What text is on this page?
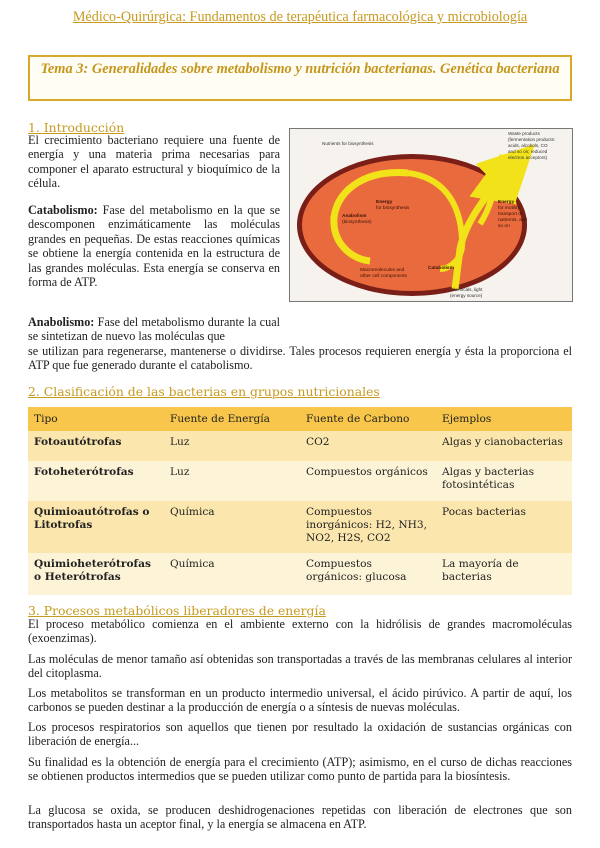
Médico-Quirúrgica: Fundamentos de terapéutica farmacológica y microbiología
Tema 3: Generalidades sobre metabolismo y nutrición bacterianas. Genética bacteriana
1. Introducción
El crecimiento bacteriano requiere una fuente de energía y una materia prima necesarias para componer el aparato estructural y bioquímico de la célula.
Catabolismo: Fase del metabolismo en la que se descomponen enzimáticamente las moléculas grandes en pequeñas. De estas reacciones químicas se obtiene la energía contenida en la estructura de las grandes moléculas. Esta energía se conserva en forma de ATP.
Anabolismo: Fase del metabolismo durante la cual se sintetizan de nuevo las moléculas que
se utilizan para regenerarse, mantenerse o dividirse. Tales procesos requieren energía y ésta la proporciona el ATP que fue generado durante el catabolismo.
Nutrients for biosynthesis
Waste products
(fermentation products:
acids, alcohols, CO
and so on; reduced
electron acceptors)
Energy
for biosynthesis
Energy
for motility,
transport of
nutrients, and
so on
Anabolism
(biosynthesis)
Catabolism
Macromolecules and
other cell components
Chemicals, light
(energy source)
2. Clasificación de las bacterias en grupos nutricionales
Tipo	Fuente de Energía	Fuente de Carbono	Ejemplos
Fotoautótrofas	Luz	CO2	Algas y cianobacterias
Fotoheterótrofas	Luz	Compuestos orgánicos	Algas y bacterias fotosintéticas
Quimioautótrofas o Litotrofas	Química	Compuestos inorgánicos: H2, NH3, NO2, H2S, CO2	Pocas bacterias
Quimioheterótrofas o Heterótrofas	Química	Compuestos orgánicos: glucosa	La mayoría de bacterias
3. Procesos metabólicos liberadores de energía
El proceso metabólico comienza en el ambiente externo con la hidrólisis de grandes macromoléculas (exoenzimas).
Las moléculas de menor tamaño así obtenidas son transportadas a través de las membranas celulares al interior del citoplasma.
Los metabolitos se transforman en un producto intermedio universal, el ácido pirúvico. A partir de aquí, los carbonos se pueden destinar a la producción de energía o a síntesis de nuevas moléculas.
Los procesos respiratorios son aquellos que tienen por resultado la oxidación de sustancias orgánicas con liberación de energía...
Su finalidad es la obtención de energía para el crecimiento (ATP); asimismo, en el curso de dichas reacciones se obtienen productos intermedios que se pueden utilizar como punto de partida para la biosíntesis.
La glucosa se oxida, se producen deshidrogenaciones repetidas con liberación de electrones que son transportados hasta un aceptor final, y la energía se almacena en ATP.
